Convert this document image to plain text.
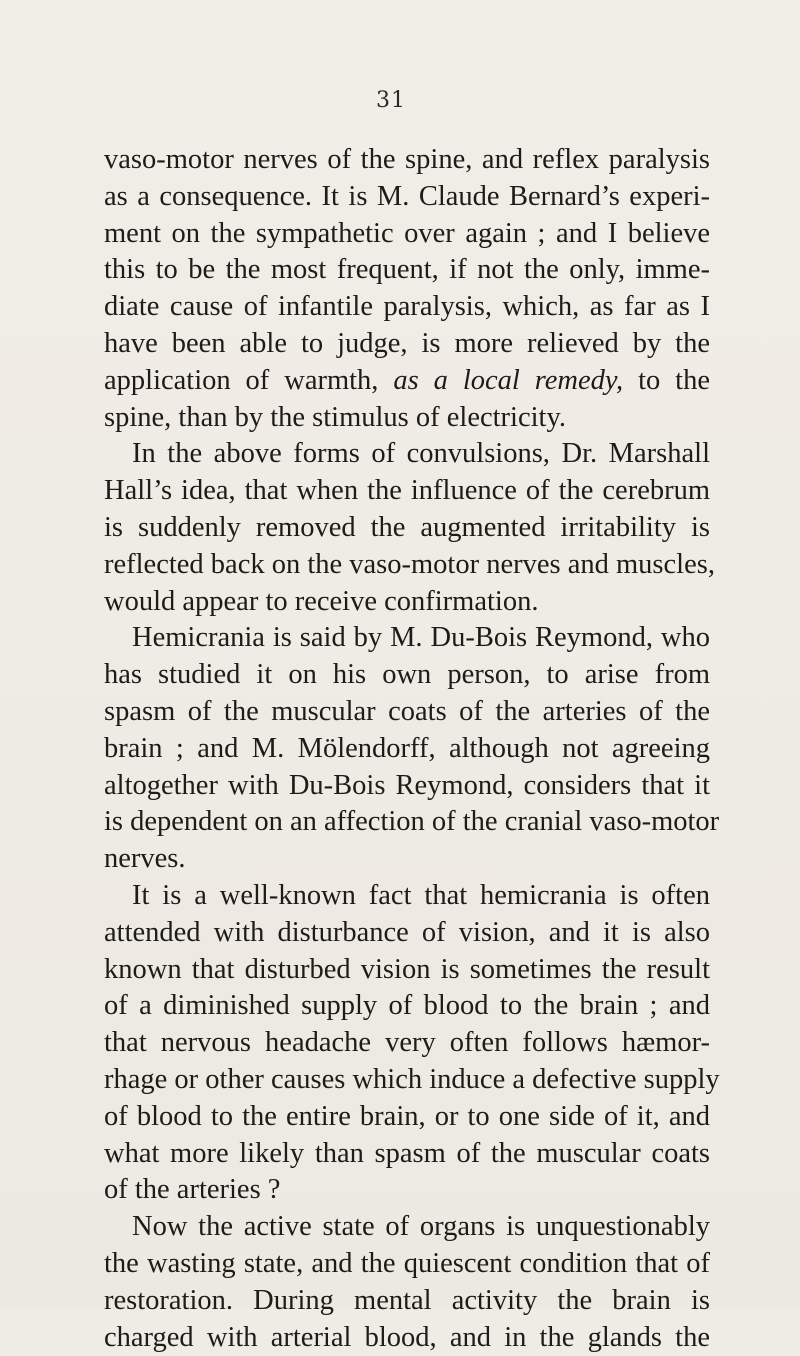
31
vaso-motor nerves of the spine, and reflex paralysis
as a consequence. It is M. Claude Bernard’s experi-
ment on the sympathetic over again ; and I believe
this to be the most frequent, if not the only, imme-
diate cause of infantile paralysis, which, as far as I
have been able to judge, is more relieved by the
application of warmth, as a local remedy, to the
spine, than by the stimulus of electricity.
In the above forms of convulsions, Dr. Marshall
Hall’s idea, that when the influence of the cerebrum
is suddenly removed the augmented irritability is
reflected back on the vaso-motor nerves and muscles,
would appear to receive confirmation.
Hemicrania is said by M. Du-Bois Reymond, who
has studied it on his own person, to arise from
spasm of the muscular coats of the arteries of the
brain ; and M. Mölendorff, although not agreeing
altogether with Du-Bois Reymond, considers that it
is dependent on an affection of the cranial vaso-motor
nerves.
It is a well-known fact that hemicrania is often
attended with disturbance of vision, and it is also
known that disturbed vision is sometimes the result
of a diminished supply of blood to the brain ; and
that nervous headache very often follows hæmor-
rhage or other causes which induce a defective supply
of blood to the entire brain, or to one side of it, and
what more likely than spasm of the muscular coats
of the arteries ?
Now the active state of organs is unquestionably
the wasting state, and the quiescent condition that of
restoration. During mental activity the brain is
charged with arterial blood, and in the glands the
